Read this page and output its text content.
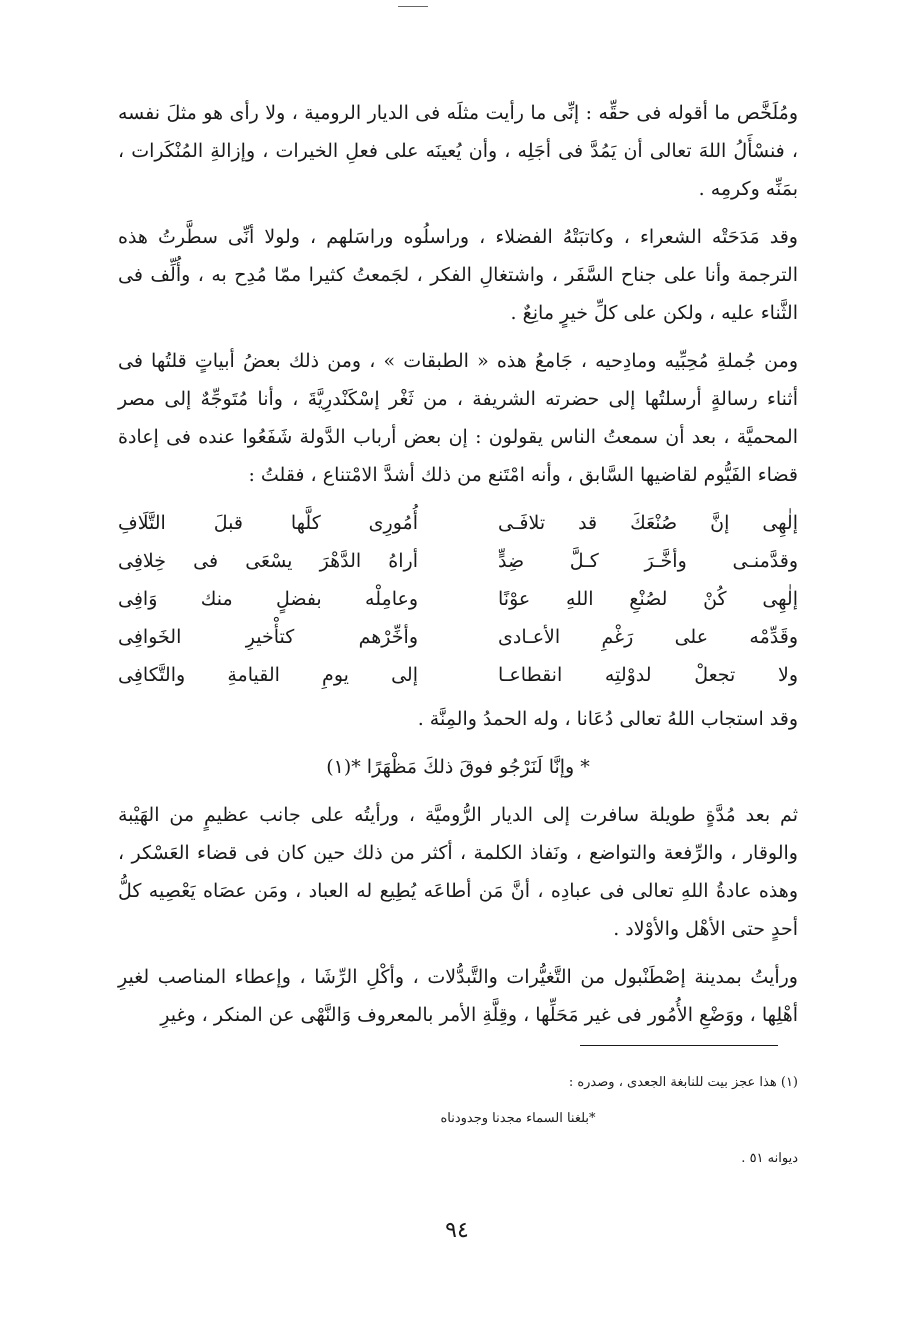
ومُلَخَّص ما أقوله فى حقِّه : إنِّى ما رأيت مثلَه فى الديار الرومية ، ولا رأى هو مثلَ نفسه ، فنسْأَلُ اللهَ تعالى أن يَمُدَّ فى أجَلِه ، وأن يُعينَه على فعلِ الخيرات ، وإزالةِ المُنْكَرات ، بمَنِّه وكرمِه .

وقد مَدَحَتْه الشعراء ، وكاتبَتْهُ الفضلاء ، وراسلُوه وراسَلهم ، ولولا أنِّى سطَّرتُ هذه الترجمة وأنا على جناح السَّفَر ، واشتغالِ الفكر ، لجَمعتُ كثيرا ممّا مُدِح به ، وأُلِّف فى الثَّناء عليه ، ولكن على كلِّ خيرٍ مانِعٌ .

ومن جُملةِ مُحِبِّيه ومادِحيه ، جَامعُ هذه « الطبقات » ، ومن ذلك بعضُ أبياتٍ قلتُها فى أثناء رسالةٍ أرسلتُها إلى حضرته الشريفة ، من ثَغْر إسْكَنْدرِيَّةَ ، وأنا مُتَوجِّهٌ إلى مصر المحميَّة ، بعد أن سمعتُ الناس يقولون : إن بعض أرباب الدَّولة شَفَعُوا عنده فى إعادة قضاء الفَيُّوم لقاضيها السَّابق ، وأنه امْتَنع من ذلك أشدَّ الامْتناع ، فقلتُ :

إلٰهِى إنَّ صُنْعَكَ قد تلافَـى
أُمُورِى كلَّها قبلَ التَّلَافِ
وقدَّمنـى وأخَّـرَ كـلَّ ضِدٍّ
أراهُ الدَّهْرَ يسْعَى فى خِلافِى
إلٰهِى كُنْ لصُنْعِ اللهِ عوْنًا
وعامِلْه بفضلٍ منك وَافِى
وقَدِّمْه على رَغْمِ الأعـادى
وأخِّرْهم كتأْخيرِ الخَوافِى
ولا تجعلْ لدوْلتِه انقطاعـا
إلى يومِ القيامةِ والتَّكافِى

وقد استجاب اللهُ تعالى دُعَانا ، وله الحمدُ والمِنَّة .

* وإنَّا لَنَرْجُو فوقَ ذلكَ مَظْهَرًا *(١)

ثم بعد مُدَّةٍ طويلة سافرت إلى الديار الرُّوميَّة ، ورأيتُه على جانب عظيمٍ من الهَيْبة والوقار ، والرِّفعة والتواضع ، ونَفاذ الكلمة ، أكثر من ذلك حين كان فى قضاء العَسْكر ، وهذه عادةُ اللهِ تعالى فى عبادِه ، أنَّ مَن أطاعَه يُطِيع له العباد ، ومَن عصَاه يَعْصِيه كلُّ أحدٍ حتى الأهْل والأوْلاد .

ورأيتُ بمدينة إصْطَنْبول من التَّغيُّرات والتَّبدُّلات ، وأكْلِ الرِّشَا ، وإعطاء المناصب لغيرِ أهْلِها ، ووَضْعِ الأُمُور فى غير مَحَلِّها ، وقِلَّةِ الأمر بالمعروف وَالنَّهْى عن المنكر ، وغيرِ

(١) هذا عجز بيت للنابغة الجعدى ، وصدره :
*بلغنا السماء مجدنا وجدودناه
ديوانه ٥١ .
٩٤
